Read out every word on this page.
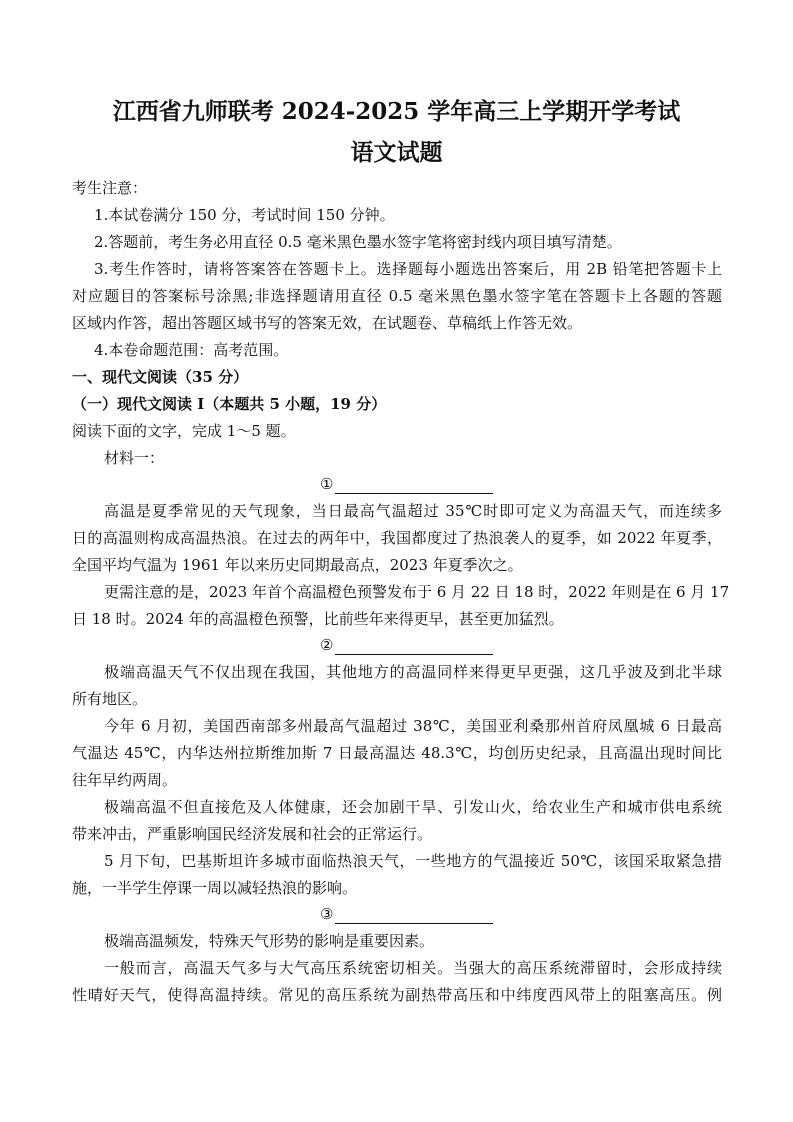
江西省九师联考 2024-2025 学年高三上学期开学考试
语文试题
考生注意：
1.本试卷满分 150 分，考试时间 150 分钟。
2.答题前，考生务必用直径 0.5 毫米黑色墨水签字笔将密封线内项目填写清楚。
3.考生作答时，请将答案答在答题卡上。选择题每小题选出答案后，用 2B 铅笔把答题卡上
对应题目的答案标号涂黑;非选择题请用直径 0.5 毫米黑色墨水签字笔在答题卡上各题的答题
区域内作答，超出答题区域书写的答案无效，在试题卷、草稿纸上作答无效。
4.本卷命题范围：高考范围。
一、现代文阅读（35 分）
（一）现代文阅读 I（本题共 5 小题，19 分）
阅读下面的文字，完成 1～5 题。
材料一：
①
高温是夏季常见的天气现象，当日最高气温超过 35℃时即可定义为高温天气，而连续多
日的高温则构成高温热浪。在过去的两年中，我国都度过了热浪袭人的夏季，如 2022 年夏季，
全国平均气温为 1961 年以来历史同期最高点，2023 年夏季次之。
更需注意的是，2023 年首个高温橙色预警发布于 6 月 22 日 18 时，2022 年则是在 6 月 17
日 18 时。2024 年的高温橙色预警，比前些年来得更早，甚至更加猛烈。
②
极端高温天气不仅出现在我国，其他地方的高温同样来得更早更强，这几乎波及到北半球
所有地区。
今年 6 月初，美国西南部多州最高气温超过 38℃，美国亚利桑那州首府凤凰城 6 日最高
气温达 45℃，内华达州拉斯维加斯 7 日最高温达 48.3℃，均创历史纪录，且高温出现时间比
往年早约两周。
极端高温不但直接危及人体健康，还会加剧干旱、引发山火，给农业生产和城市供电系统
带来冲击，严重影响国民经济发展和社会的正常运行。
5 月下旬，巴基斯坦许多城市面临热浪天气，一些地方的气温接近 50℃，该国采取紧急措
施，一半学生停课一周以减轻热浪的影响。
③
极端高温频发，特殊天气形势的影响是重要因素。
一般而言，高温天气多与大气高压系统密切相关。当强大的高压系统滞留时，会形成持续
性晴好天气，使得高温持续。常见的高压系统为副热带高压和中纬度西风带上的阻塞高压。例
